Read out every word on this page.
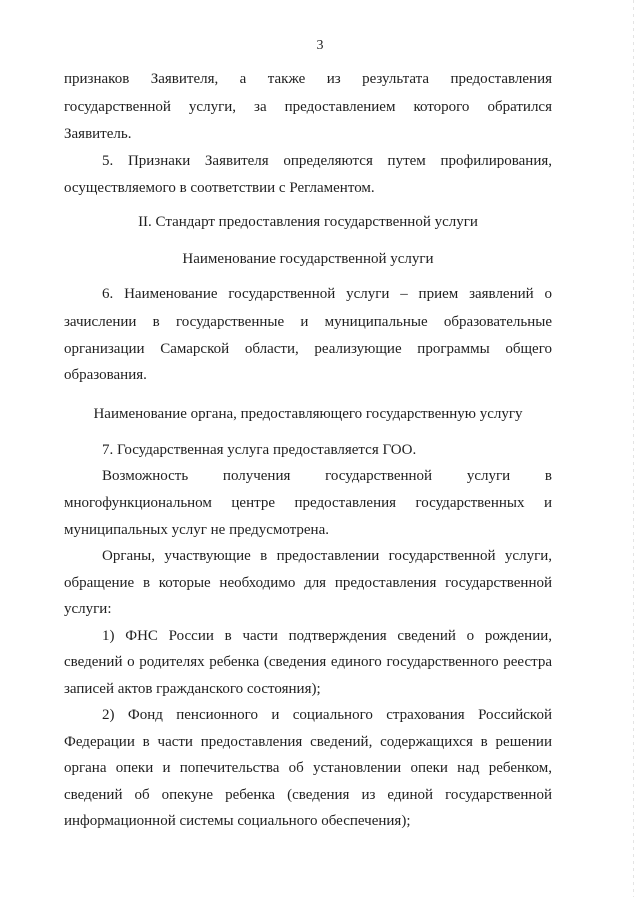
3
признаков Заявителя, а также из результата предоставления
государственной услуги, за предоставлением которого обратился
Заявитель.
5. Признаки Заявителя определяются путем профилирования,
осуществляемого в соответствии с Регламентом.
II. Стандарт предоставления государственной услуги
Наименование государственной услуги
6. Наименование государственной услуги – прием заявлений о
зачислении в государственные и муниципальные образовательные
организации Самарской области, реализующие программы общего
образования.
Наименование органа, предоставляющего государственную услугу
7. Государственная услуга предоставляется ГОО.
Возможность получения государственной услуги в
многофункциональном центре предоставления государственных и
муниципальных услуг не предусмотрена.
Органы, участвующие в предоставлении государственной услуги,
обращение в которые необходимо для предоставления государственной
услуги:
1) ФНС России в части подтверждения сведений о рождении,
сведений о родителях ребенка (сведения единого государственного реестра
записей актов гражданского состояния);
2) Фонд пенсионного и социального страхования Российской
Федерации в части предоставления сведений, содержащихся в решении
органа опеки и попечительства об установлении опеки над ребенком,
сведений об опекуне ребенка (сведения из единой государственной
информационной системы социального обеспечения);
